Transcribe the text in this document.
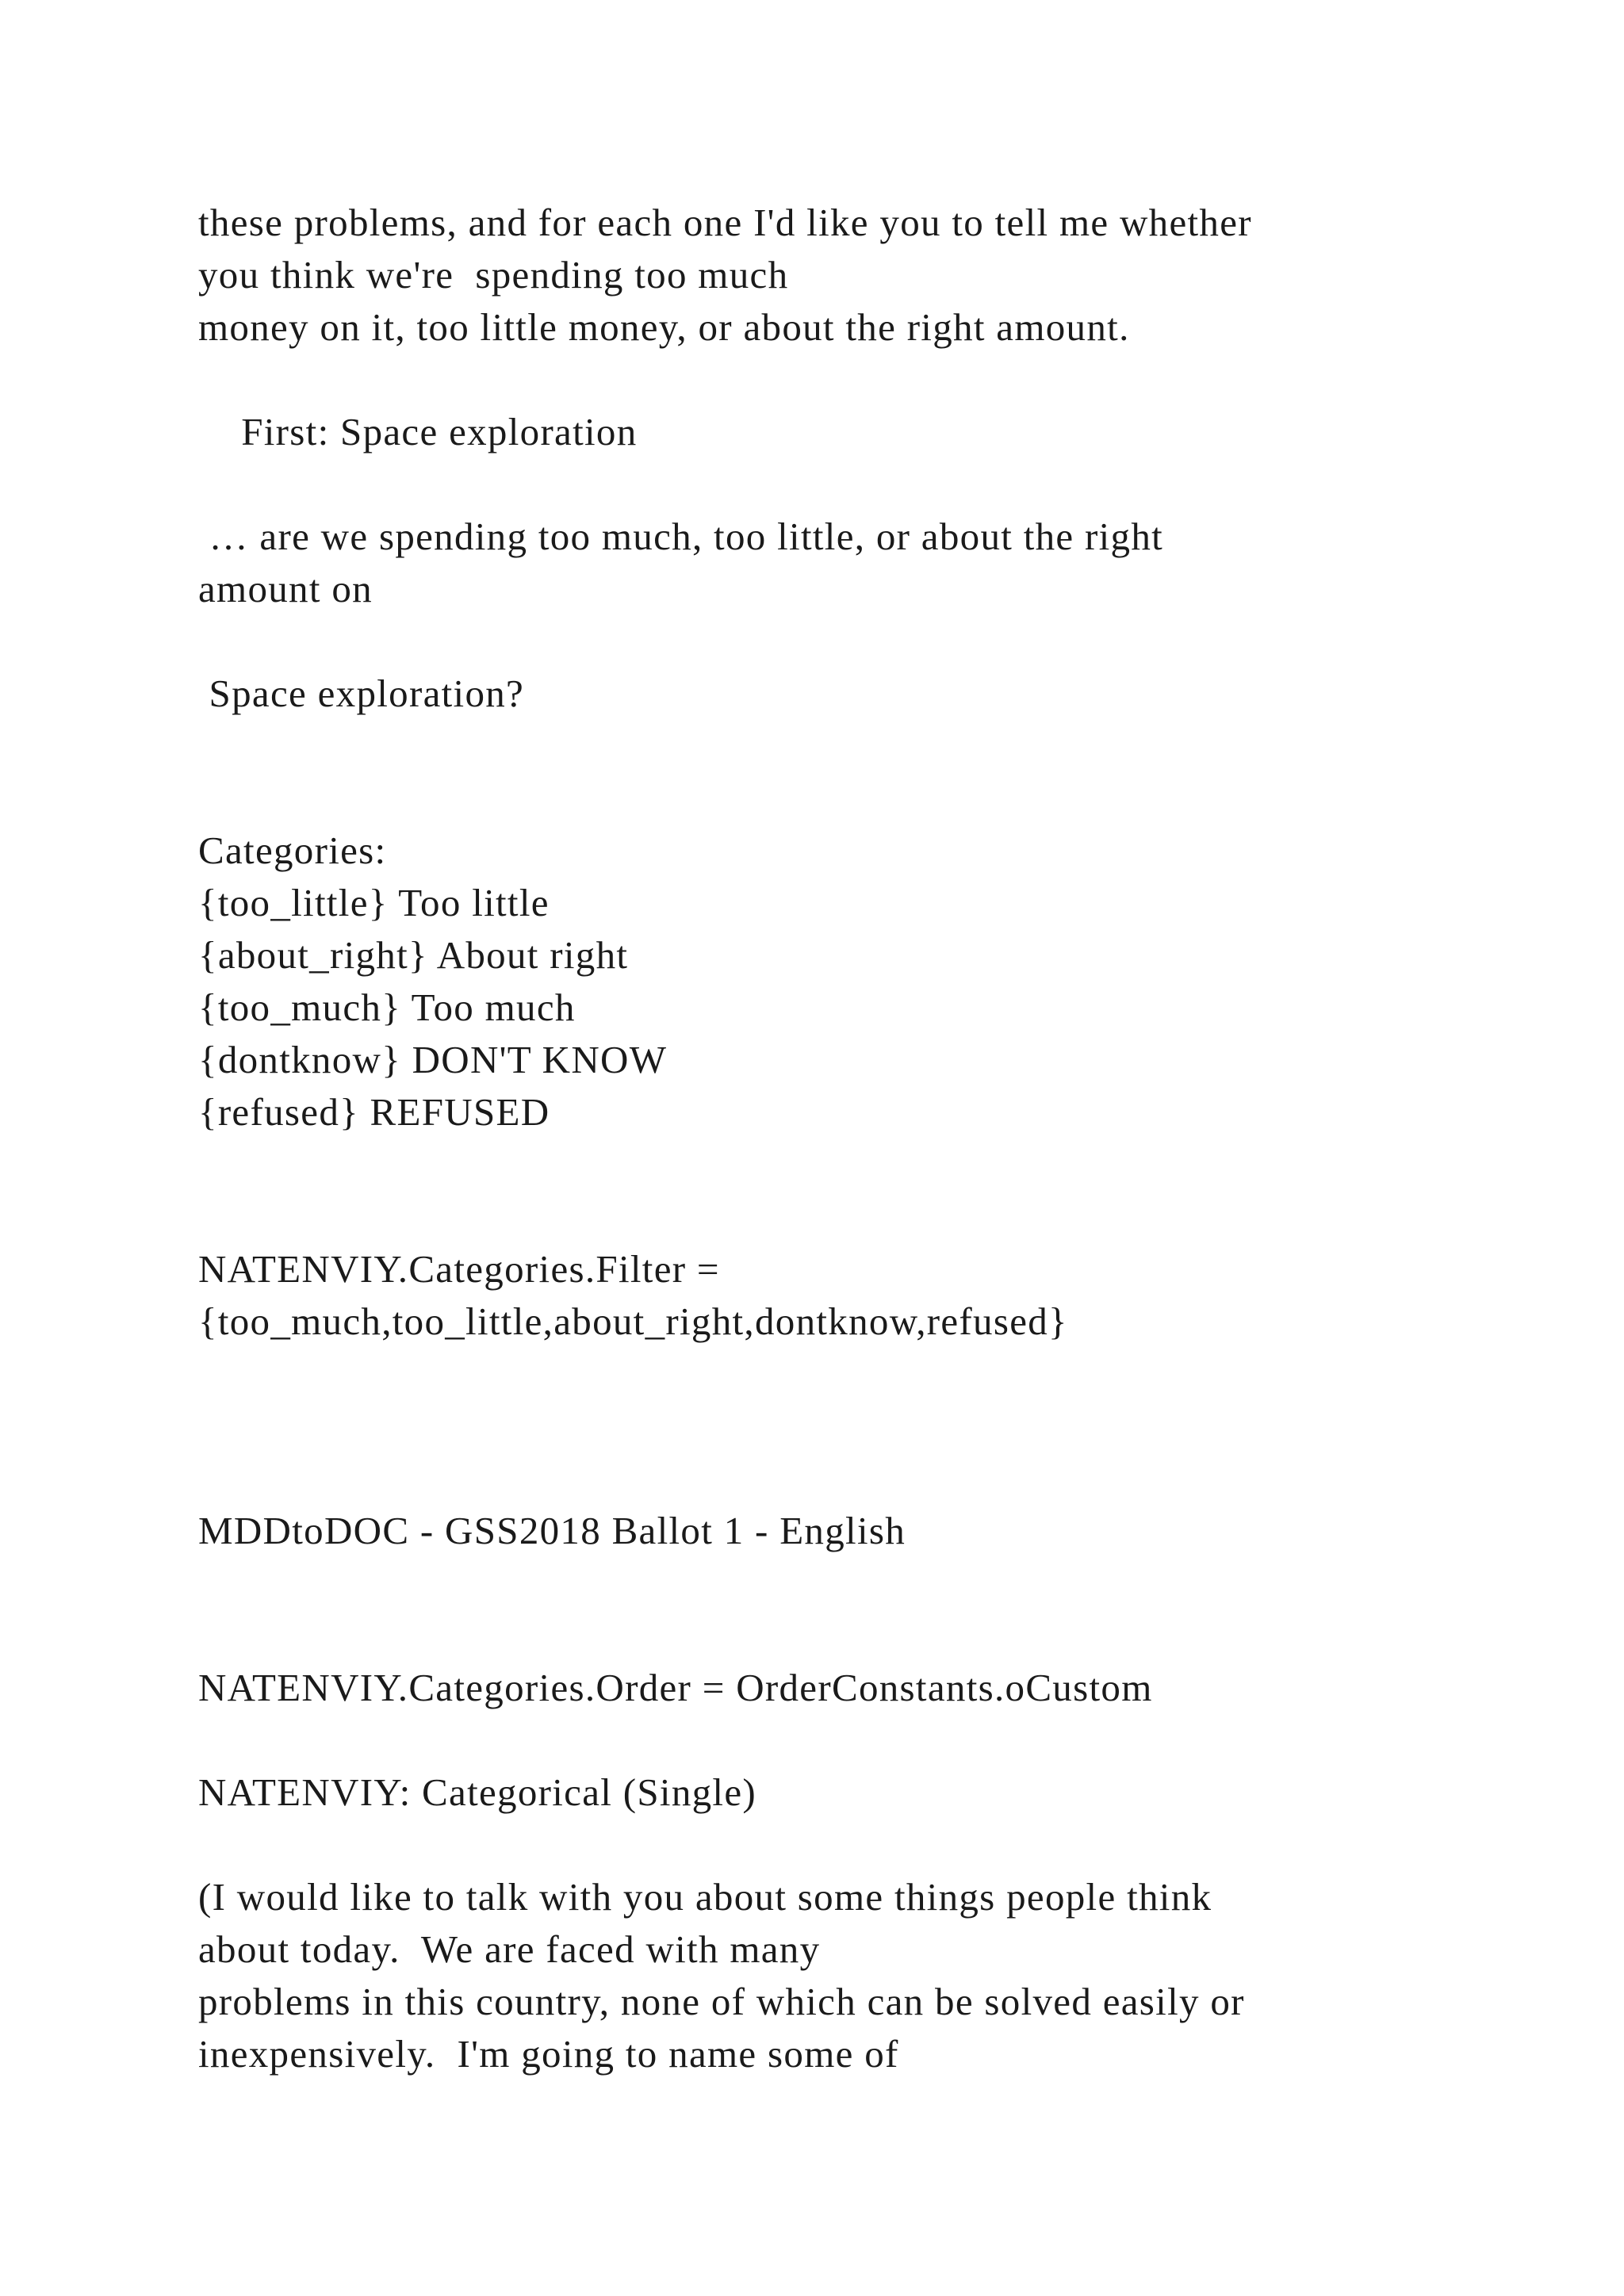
these problems, and for each one I'd like you to tell me whether
you think we're  spending too much
money on it, too little money, or about the right amount.
First: Space exploration
… are we spending too much, too little, or about the right
amount on
Space exploration?
Categories:
{too_little} Too little
{about_right} About right
{too_much} Too much
{dontknow} DON'T KNOW
{refused} REFUSED
NATENVIY.Categories.Filter =
{too_much,too_little,about_right,dontknow,refused}
MDDtoDOC - GSS2018 Ballot 1 - English
NATENVIY.Categories.Order = OrderConstants.oCustom
NATENVIY: Categorical (Single)
(I would like to talk with you about some things people think
about today.  We are faced with many
problems in this country, none of which can be solved easily or
inexpensively.  I'm going to name some of
